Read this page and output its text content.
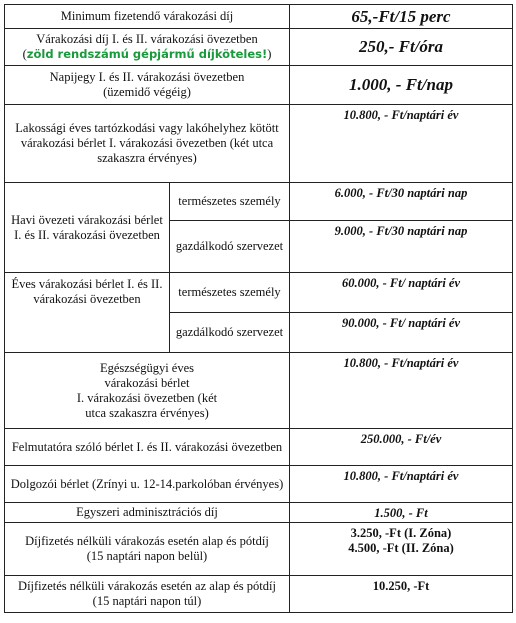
Minimum fizetendő várakozási díj		65,-Ft/15 perc

Várakozási díj I. és II. várakozási övezetben
(zöld rendszámú gépjármű díjköteles!)		250,- Ft/óra

Napijegy I. és II. várakozási övezetben
(üzemidő végéig)		1.000, - Ft/nap
Lakossági éves tartózkodási vagy lakóhelyhez kötött várakozási bérlet I. várakozási övezetben (két utca szakaszra érvényes)		10.800, - Ft/naptári év

Havi övezeti várakozási bérlet
I. és II. várakozási övezetben	természetes személy	6.000, - Ft/30 naptári nap
	gazdálkodó szervezet	9.000, - Ft/30 naptári nap

Éves várakozási bérlet I. és II.
várakozási övezetben	természetes személy	60.000, - Ft/ naptári év
	gazdálkodó szervezet	90.000, - Ft/ naptári év

Egészségügyi éves
várakozási bérlet
I. várakozási övezetben (két
utca szakaszra érvényes)		10.800, - Ft/naptári év
Felmutatóra szóló bérlet I. és II. várakozási övezetben		250.000, - Ft/év
Dolgozói bérlet (Zrínyi u. 12-14.parkolóban érvényes)		10.800, - Ft/naptári év
Egyszeri adminisztrációs díj		1.500, - Ft

Díjfizetés nélküli várakozás esetén alap és pótdíj
(15 naptári napon belül)		3.250, -Ft (I. Zóna)
4.500, -Ft (II. Zóna)

Díjfizetés nélküli várakozás esetén az alap és pótdíj (15 naptári napon túl)		10.250, -Ft
